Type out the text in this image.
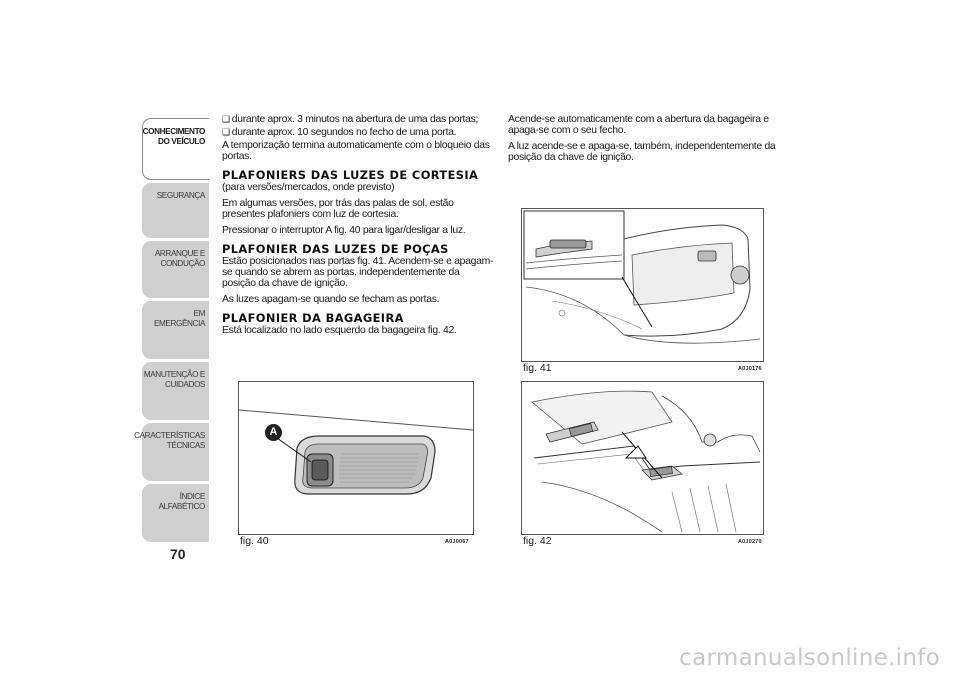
CONHECIMENTO DO VEÍCULO
SEGURANÇA
ARRANQUE E CONDUÇÃO
EM EMERGÊNCIA
MANUTENÇÃO E CUIDADOS
CARACTERÍSTICAS TÉCNICAS
ÍNDICE ALFABÉTICO
70

❑ durante aprox. 3 minutos na abertura de uma das portas;

❑ durante aprox. 10 segundos no fecho de uma porta.

A temporização termina automaticamente com o bloqueio das portas.

PLAFONIERS DAS LUZES DE CORTESIA

(para versões/mercados, onde previsto)

Em algumas versões, por trás das palas de sol, estão presentes plafoniers com luz de cortesia.

Pressionar o interruptor A fig. 40 para ligar/desligar a luz.

PLAFONIER DAS LUZES DE POÇAS

Estão posicionados nas portas fig. 41. Acendem-se e apagam-se quando se abrem as portas, independentemente da posição da chave de ignição.

As luzes apagam-se quando se fecham as portas.

PLAFONIER DA BAGAGEIRA

Está localizado no lado esquerdo da bagageira fig. 42.

Acende-se automaticamente com a abertura da bagageira e apaga-se com o seu fecho.

A luz acende-se e apaga-se, também, independentemente da posição da chave de ignição.

A
fig. 40	A0J0067
fig. 41	A0J0176
fig. 42	A0J0270
carmanualsonline.info
